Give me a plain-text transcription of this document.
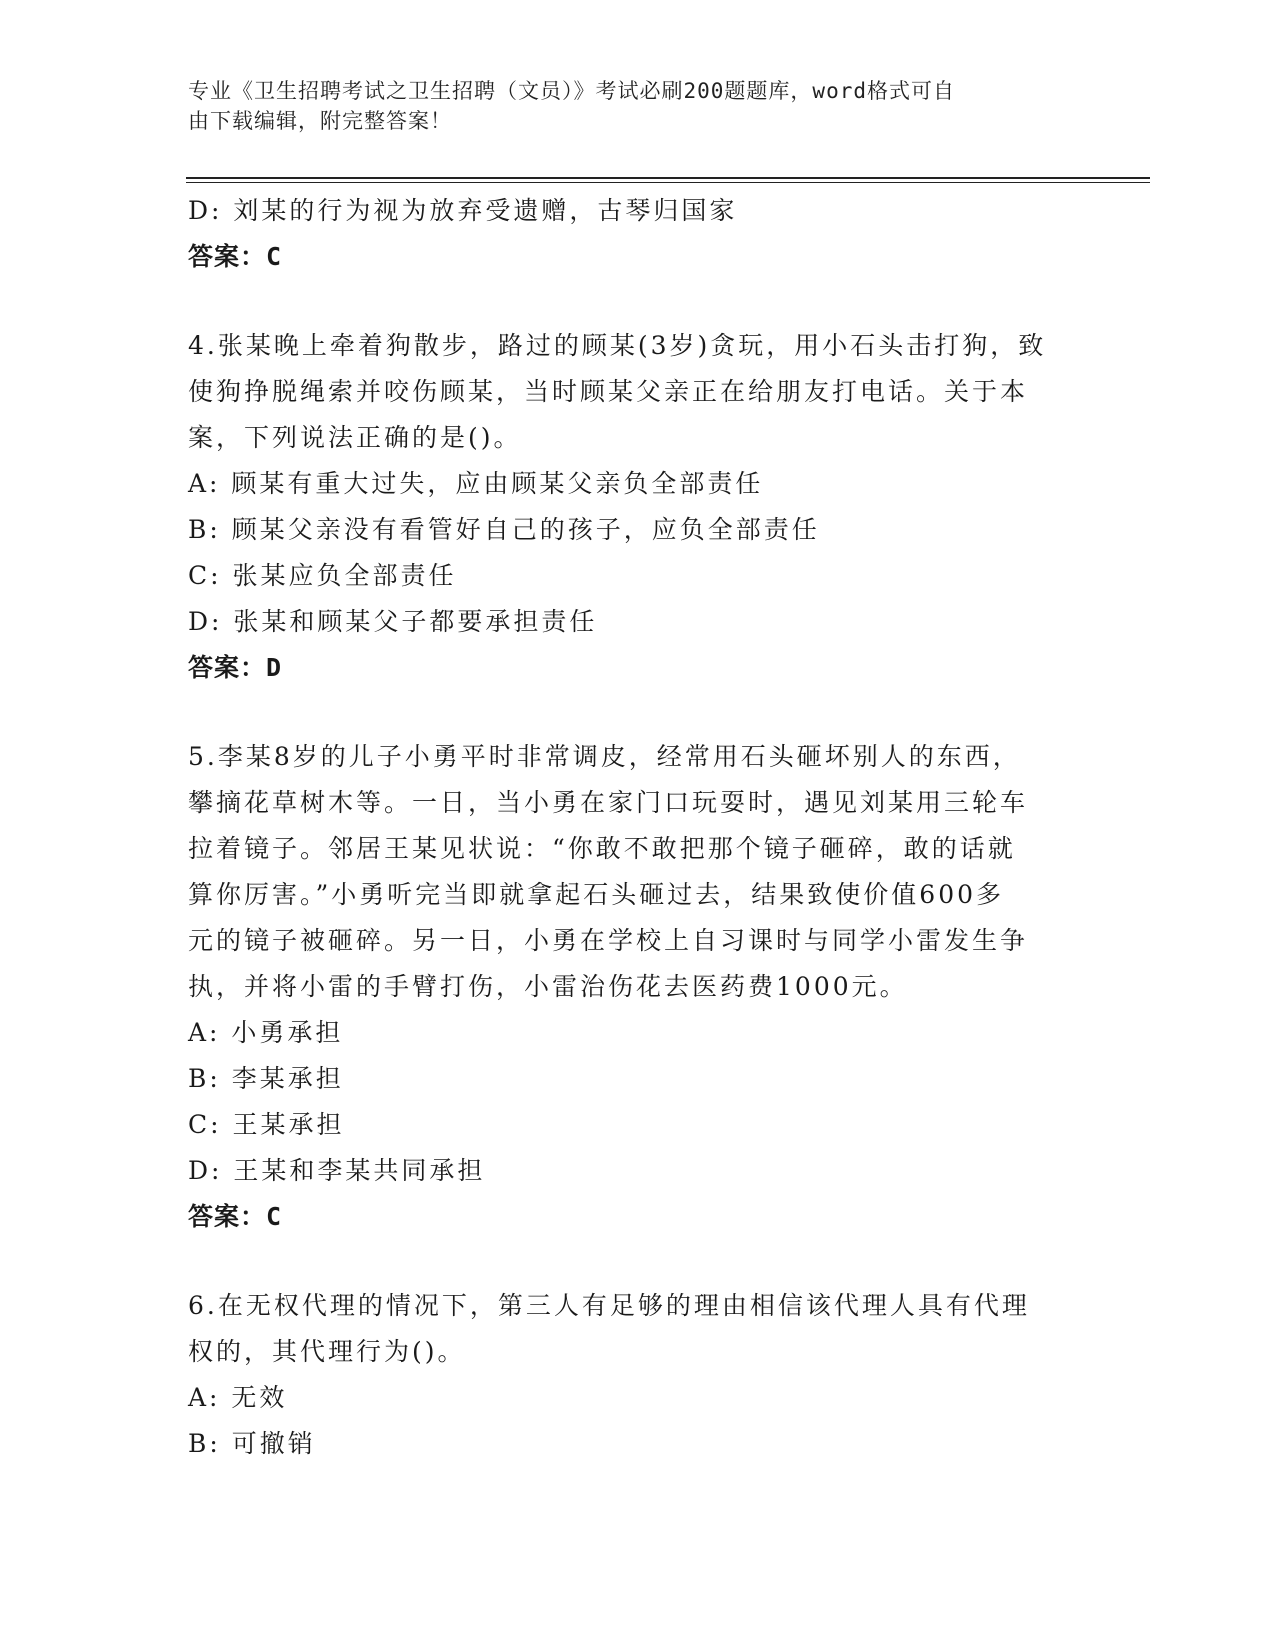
专业《卫生招聘考试之卫生招聘（文员）》考试必刷200题题库，word格式可自
由下载编辑，附完整答案！

D: 刘某的行为视为放弃受遗赠，古琴归国家

答案：C

4.张某晚上牵着狗散步，路过的顾某(3岁)贪玩，用小石头击打狗，致

使狗挣脱绳索并咬伤顾某，当时顾某父亲正在给朋友打电话。关于本

案，下列说法正确的是()。

A: 顾某有重大过失，应由顾某父亲负全部责任

B: 顾某父亲没有看管好自己的孩子，应负全部责任

C: 张某应负全部责任

D: 张某和顾某父子都要承担责任

答案：D

5.李某8岁的儿子小勇平时非常调皮，经常用石头砸坏别人的东西，

攀摘花草树木等。一日，当小勇在家门口玩耍时，遇见刘某用三轮车

拉着镜子。邻居王某见状说：“你敢不敢把那个镜子砸碎，敢的话就

算你厉害。”小勇听完当即就拿起石头砸过去，结果致使价值600多

元的镜子被砸碎。另一日，小勇在学校上自习课时与同学小雷发生争

执，并将小雷的手臂打伤，小雷治伤花去医药费1000元。

A: 小勇承担

B: 李某承担

C: 王某承担

D: 王某和李某共同承担

答案：C

6.在无权代理的情况下，第三人有足够的理由相信该代理人具有代理

权的，其代理行为()。

A: 无效

B: 可撤销
